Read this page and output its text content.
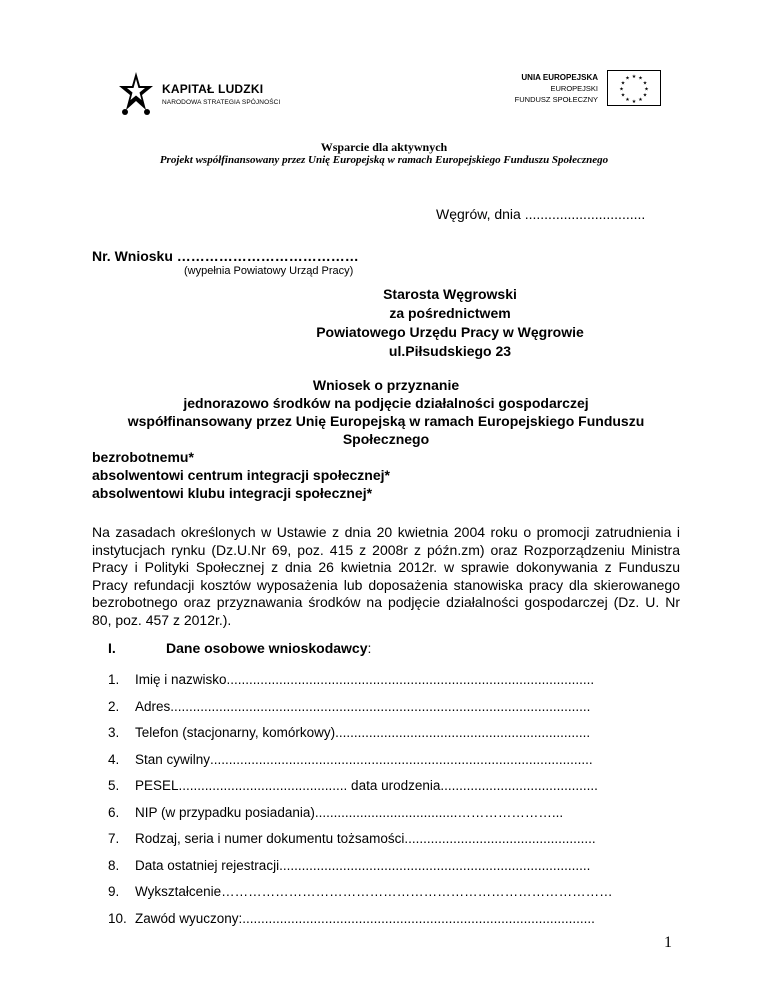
KAPITAŁ LUDZKI
NARODOWA STRATEGIA SPÓJNOŚCI
UNIA EUROPEJSKA
EUROPEJSKI
FUNDUSZ SPOŁECZNY
★ ★
★
★
★
★
★
★
★
★
★
★
Wsparcie dla aktywnych
Projekt współfinansowany przez Unię Europejską w ramach Europejskiego Funduszu Społecznego
Węgrów, dnia ...............................
Nr. Wniosku …………………………………
(wypełnia Powiatowy Urząd Pracy)
Starosta Węgrowski
za pośrednictwem
Powiatowego Urzędu Pracy w Węgrowie
ul.Piłsudskiego 23
Wniosek o przyznanie
jednorazowo środków na podjęcie działalności gospodarczej
współfinansowany przez Unię Europejską w ramach Europejskiego Funduszu
Społecznego
bezrobotnemu*
absolwentowi centrum integracji społecznej*
absolwentowi klubu integracji społecznej*
Na zasadach określonych w Ustawie z dnia 20 kwietnia 2004 roku o promocji zatrudnienia i instytucjach rynku (Dz.U.Nr 69, poz. 415 z 2008r z późn.zm) oraz Rozporządzeniu Ministra Pracy i Polityki Społecznej z dnia 26 kwietnia 2012r. w sprawie dokonywania z Funduszu Pracy refundacji kosztów wyposażenia lub doposażenia stanowiska pracy dla skierowanego bezrobotnego oraz przyznawania środków na podjęcie działalności gospodarczej (Dz. U. Nr 80, poz. 457 z 2012r.).
I.	Dane osobowe wnioskodawcy:
1.	Imię i nazwisko ..................................................................................................
2.	Adres ................................................................................................................
3.	Telefon (stacjonarny, komórkowy) ....................................................................
4.	Stan cywilny ......................................................................................................
5.	PESEL............................................. data urodzenia ..........................................
6.	NIP (w przypadku posiadania) ......................................…………………...
7.	Rodzaj, seria i numer dokumentu tożsamości ...................................................
8.	Data ostatniej rejestracji ...................................................................................
9.	Wykształcenie ……………………………………………………………………………
10. Zawód wyuczony: ..............................................................................................
1
